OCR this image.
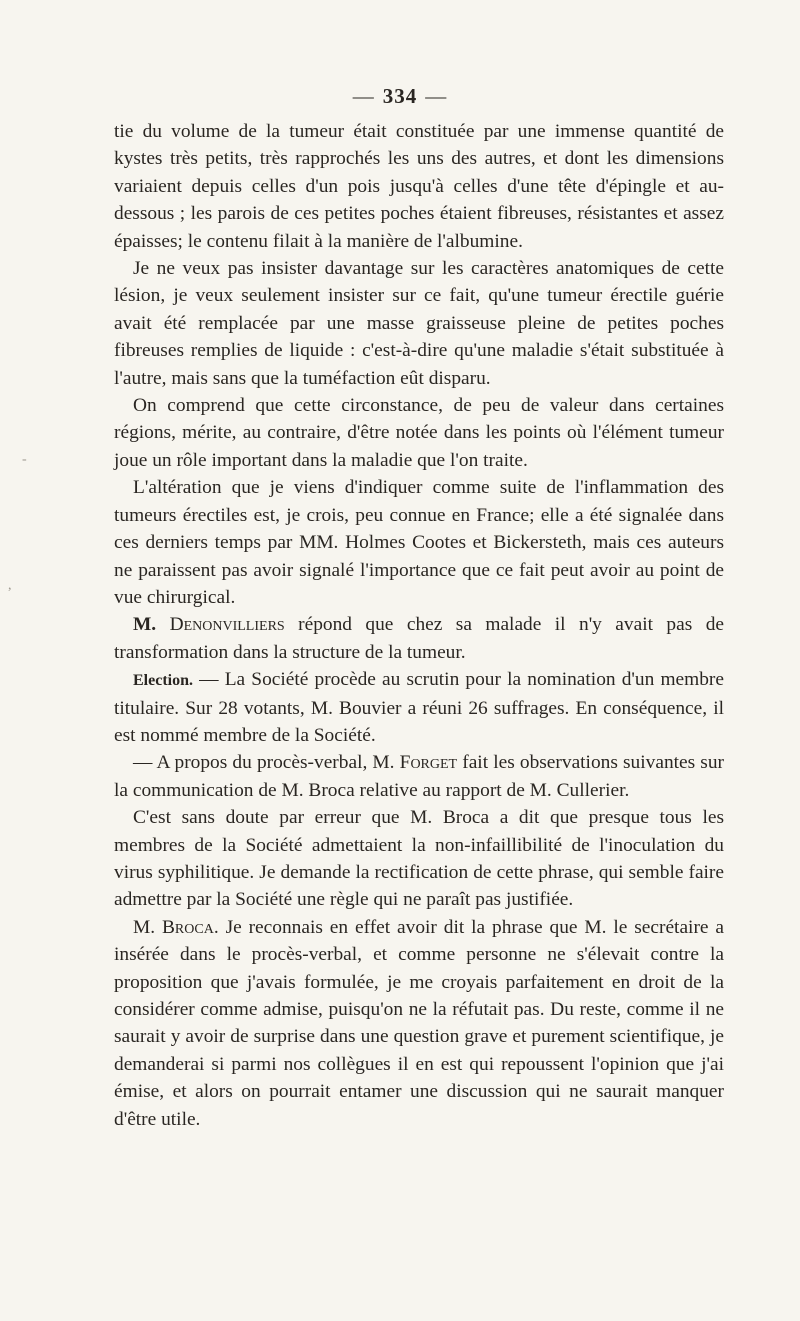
— 334 —

tie du volume de la tumeur était constituée par une immense quantité de kystes très petits, très rapprochés les uns des autres, et dont les dimensions variaient depuis celles d'un pois jusqu'à celles d'une tête d'épingle et au-dessous ; les parois de ces petites poches étaient fibreuses, résistantes et assez épaisses; le contenu filait à la manière de l'albumine.

Je ne veux pas insister davantage sur les caractères anatomiques de cette lésion, je veux seulement insister sur ce fait, qu'une tumeur érectile guérie avait été remplacée par une masse graisseuse pleine de petites poches fibreuses remplies de liquide : c'est-à-dire qu'une maladie s'était substituée à l'autre, mais sans que la tuméfaction eût disparu.

On comprend que cette circonstance, de peu de valeur dans certaines régions, mérite, au contraire, d'être notée dans les points où l'élément tumeur joue un rôle important dans la maladie que l'on traite.

L'altération que je viens d'indiquer comme suite de l'inflammation des tumeurs érectiles est, je crois, peu connue en France; elle a été signalée dans ces derniers temps par MM. Holmes Cootes et Bickersteth, mais ces auteurs ne paraissent pas avoir signalé l'importance que ce fait peut avoir au point de vue chirurgical.

M. Denonvilliers répond que chez sa malade il n'y avait pas de transformation dans la structure de la tumeur.

Election. — La Société procède au scrutin pour la nomination d'un membre titulaire. Sur 28 votants, M. Bouvier a réuni 26 suffrages. En conséquence, il est nommé membre de la Société.

— A propos du procès-verbal, M. Forget fait les observations suivantes sur la communication de M. Broca relative au rapport de M. Cullerier.

C'est sans doute par erreur que M. Broca a dit que presque tous les membres de la Société admettaient la non-infaillibilité de l'inoculation du virus syphilitique. Je demande la rectification de cette phrase, qui semble faire admettre par la Société une règle qui ne paraît pas justifiée.

M. Broca. Je reconnais en effet avoir dit la phrase que M. le secrétaire a insérée dans le procès-verbal, et comme personne ne s'élevait contre la proposition que j'avais formulée, je me croyais parfaitement en droit de la considérer comme admise, puisqu'on ne la réfutait pas. Du reste, comme il ne saurait y avoir de surprise dans une question grave et purement scientifique, je demanderai si parmi nos collègues il en est qui repoussent l'opinion que j'ai émise, et alors on pourrait entamer une discussion qui ne saurait manquer d'être utile.

-
,
